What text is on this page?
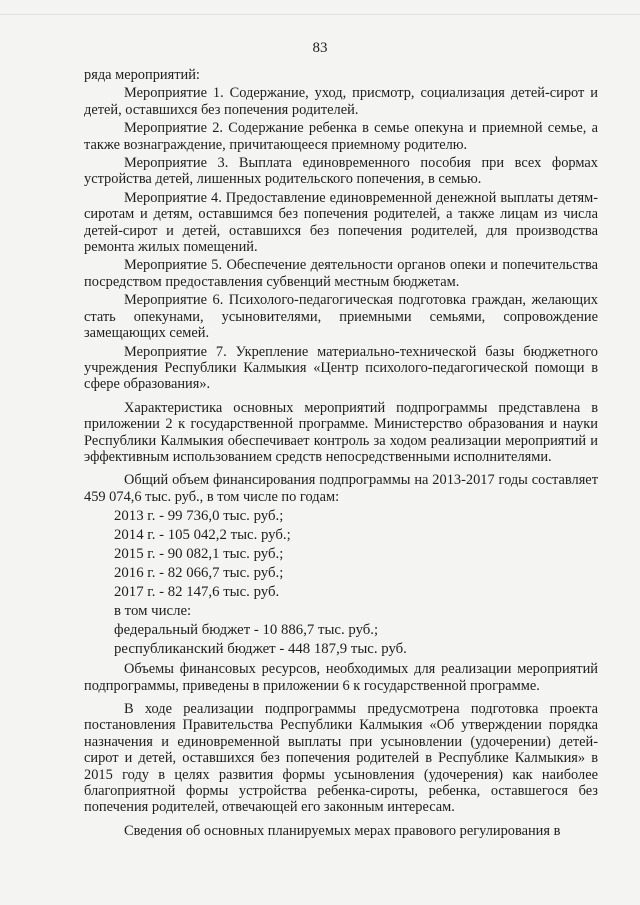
83

ряда мероприятий:

Мероприятие 1. Содержание, уход, присмотр, социализация детей-сирот и детей, оставшихся без попечения родителей.

Мероприятие 2. Содержание ребенка в семье опекуна и приемной семье, а также вознаграждение, причитающееся приемному родителю.

Мероприятие 3. Выплата единовременного пособия при всех формах устройства детей, лишенных родительского попечения, в семью.

Мероприятие 4. Предоставление единовременной денежной выплаты детям-сиротам и детям, оставшимся без попечения родителей, а также лицам из числа детей-сирот и детей, оставшихся без попечения родителей, для производства ремонта жилых помещений.

Мероприятие 5. Обеспечение деятельности органов опеки и попечительства посредством предоставления субвенций местным бюджетам.

Мероприятие 6. Психолого-педагогическая подготовка граждан, желающих стать опекунами, усыновителями, приемными семьями, сопровождение замещающих семей.

Мероприятие 7. Укрепление материально-технической базы бюджетного учреждения Республики Калмыкия «Центр психолого-педагогической помощи в сфере образования».

Характеристика основных мероприятий подпрограммы представлена в приложении 2 к государственной программе. Министерство образования и науки Республики Калмыкия обеспечивает контроль за ходом реализации мероприятий и эффективным использованием средств непосредственными исполнителями.

Общий объем финансирования подпрограммы на 2013-2017 годы составляет 459 074,6 тыс. руб., в том числе по годам:

2013 г. - 99 736,0 тыс. руб.;
2014 г. - 105 042,2 тыс. руб.;
2015 г. - 90 082,1 тыс. руб.;
2016 г. - 82 066,7 тыс. руб.;
2017 г. - 82 147,6 тыс. руб.
в том числе:
федеральный бюджет - 10 886,7 тыс. руб.;
республиканский бюджет - 448 187,9 тыс. руб.

Объемы финансовых ресурсов, необходимых для реализации мероприятий подпрограммы, приведены в приложении 6 к государственной программе.

В ходе реализации подпрограммы предусмотрена подготовка проекта постановления Правительства Республики Калмыкия «Об утверждении порядка назначения и единовременной выплаты при усыновлении (удочерении) детей-сирот и детей, оставшихся без попечения родителей в Республике Калмыкия» в 2015 году в целях развития формы усыновления (удочерения) как наиболее благоприятной формы устройства ребенка-сироты, ребенка, оставшегося без попечения родителей, отвечающей его законным интересам.

Сведения об основных планируемых мерах правового регулирования в
